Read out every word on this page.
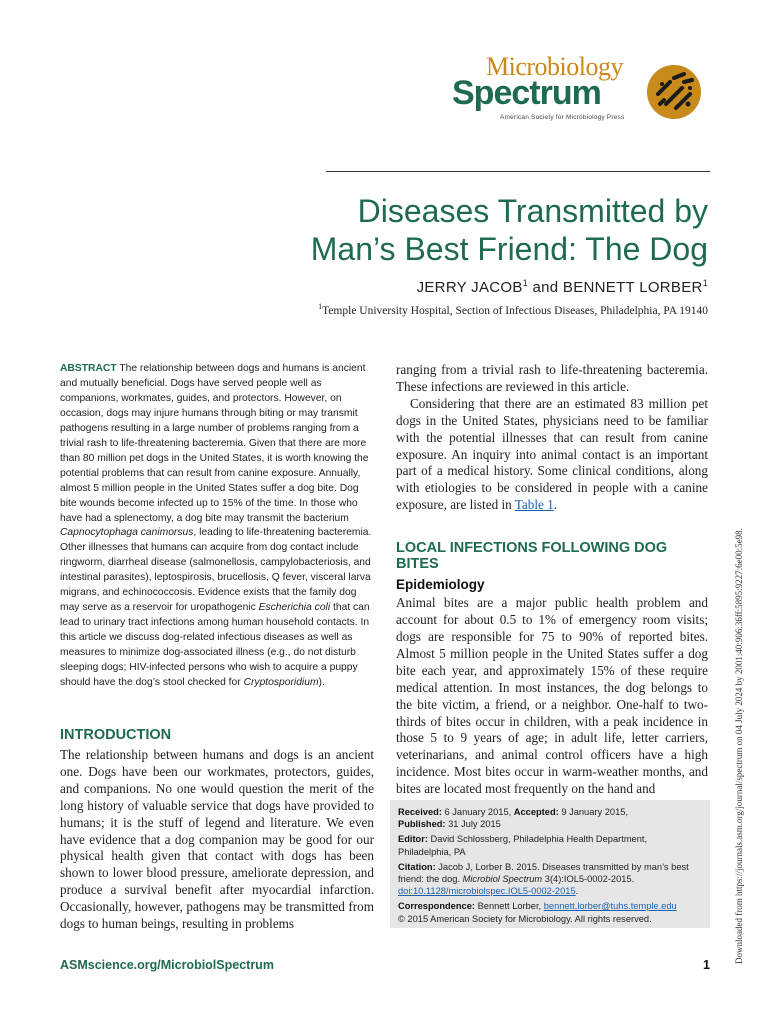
Microbiology
Spectrum
American Society for Microbiology Press
Diseases Transmitted by
Man’s Best Friend: The Dog
JERRY JACOB$^1$ and BENNETT LORBER$^1$
$^1$Temple University Hospital, Section of Infectious Diseases, Philadelphia, PA 19140

ABSTRACT The relationship between dogs and humans is ancient and mutually beneficial. Dogs have served people well as companions, workmates, guides, and protectors. However, on occasion, dogs may injure humans through biting or may transmit pathogens resulting in a large number of problems ranging from a trivial rash to life-threatening bacteremia. Given that there are more than 80 million pet dogs in the United States, it is worth knowing the potential problems that can result from canine exposure. Annually, almost 5 million people in the United States suffer a dog bite. Dog bite wounds become infected up to 15% of the time. In those who have had a splenectomy, a dog bite may transmit the bacterium Capnocytophaga canimorsus, leading to life-threatening bacteremia. Other illnesses that humans can acquire from dog contact include ringworm, diarrheal disease (salmonellosis, campylobacteriosis, and intestinal parasites), leptospirosis, brucellosis, Q fever, visceral larva migrans, and echinococcosis. Evidence exists that the family dog may serve as a reservoir for uropathogenic Escherichia coli that can lead to urinary tract infections among human household contacts. In this article we discuss dog-related infectious diseases as well as measures to minimize dog-associated illness (e.g., do not disturb sleeping dogs; HIV-infected persons who wish to acquire a puppy should have the dog’s stool checked for Cryptosporidium).

INTRODUCTION

The relationship between humans and dogs is an ancient one. Dogs have been our workmates, protectors, guides, and companions. No one would question the merit of the long history of valuable service that dogs have provided to humans; it is the stuff of legend and literature. We even have evidence that a dog companion may be good for our physical health given that contact with dogs has been shown to lower blood pressure, ameliorate depression, and produce a survival benefit after myocardial infarction. Occasionally, however, pathogens may be transmitted from dogs to human beings, resulting in problems

ranging from a trivial rash to life-threatening bacteremia. These infections are reviewed in this article.

Considering that there are an estimated 83 million pet dogs in the United States, physicians need to be familiar with the potential illnesses that can result from canine exposure. An inquiry into animal contact is an important part of a medical history. Some clinical conditions, along with etiologies to be considered in people with a canine exposure, are listed in Table 1.

LOCAL INFECTIONS FOLLOWING DOG BITES
Epidemiology

Animal bites are a major public health problem and account for about 0.5 to 1% of emergency room visits; dogs are responsible for 75 to 90% of reported bites. Almost 5 million people in the United States suffer a dog bite each year, and approximately 15% of these require medical attention. In most instances, the dog belongs to the bite victim, a friend, or a neighbor. One-half to two-thirds of bites occur in children, with a peak incidence in those 5 to 9 years of age; in adult life, letter carriers, veterinarians, and animal control officers have a high incidence. Most bites occur in warm-weather months, and bites are located most frequently on the hand and

Received: 6 January 2015, Accepted: 9 January 2015,
Published: 31 July 2015

Editor: David Schlossberg, Philadelphia Health Department, Philadelphia, PA

Citation: Jacob J, Lorber B. 2015. Diseases transmitted by man’s best friend: the dog. Microbiol Spectrum 3(4):IOL5-0002-2015.
doi:10.1128/microbiolspec.IOL5-0002-2015.

Correspondence: Bennett Lorber, bennett.lorber@tuhs.temple.edu
© 2015 American Society for Microbiology. All rights reserved.

ASMscience.org/MicrobiolSpectrum	1
Downloaded from https://journals.asm.org/journal/spectrum on 04 July 2024 by 2001:40:906:36ff:5895:9227:6e00:5e98.
